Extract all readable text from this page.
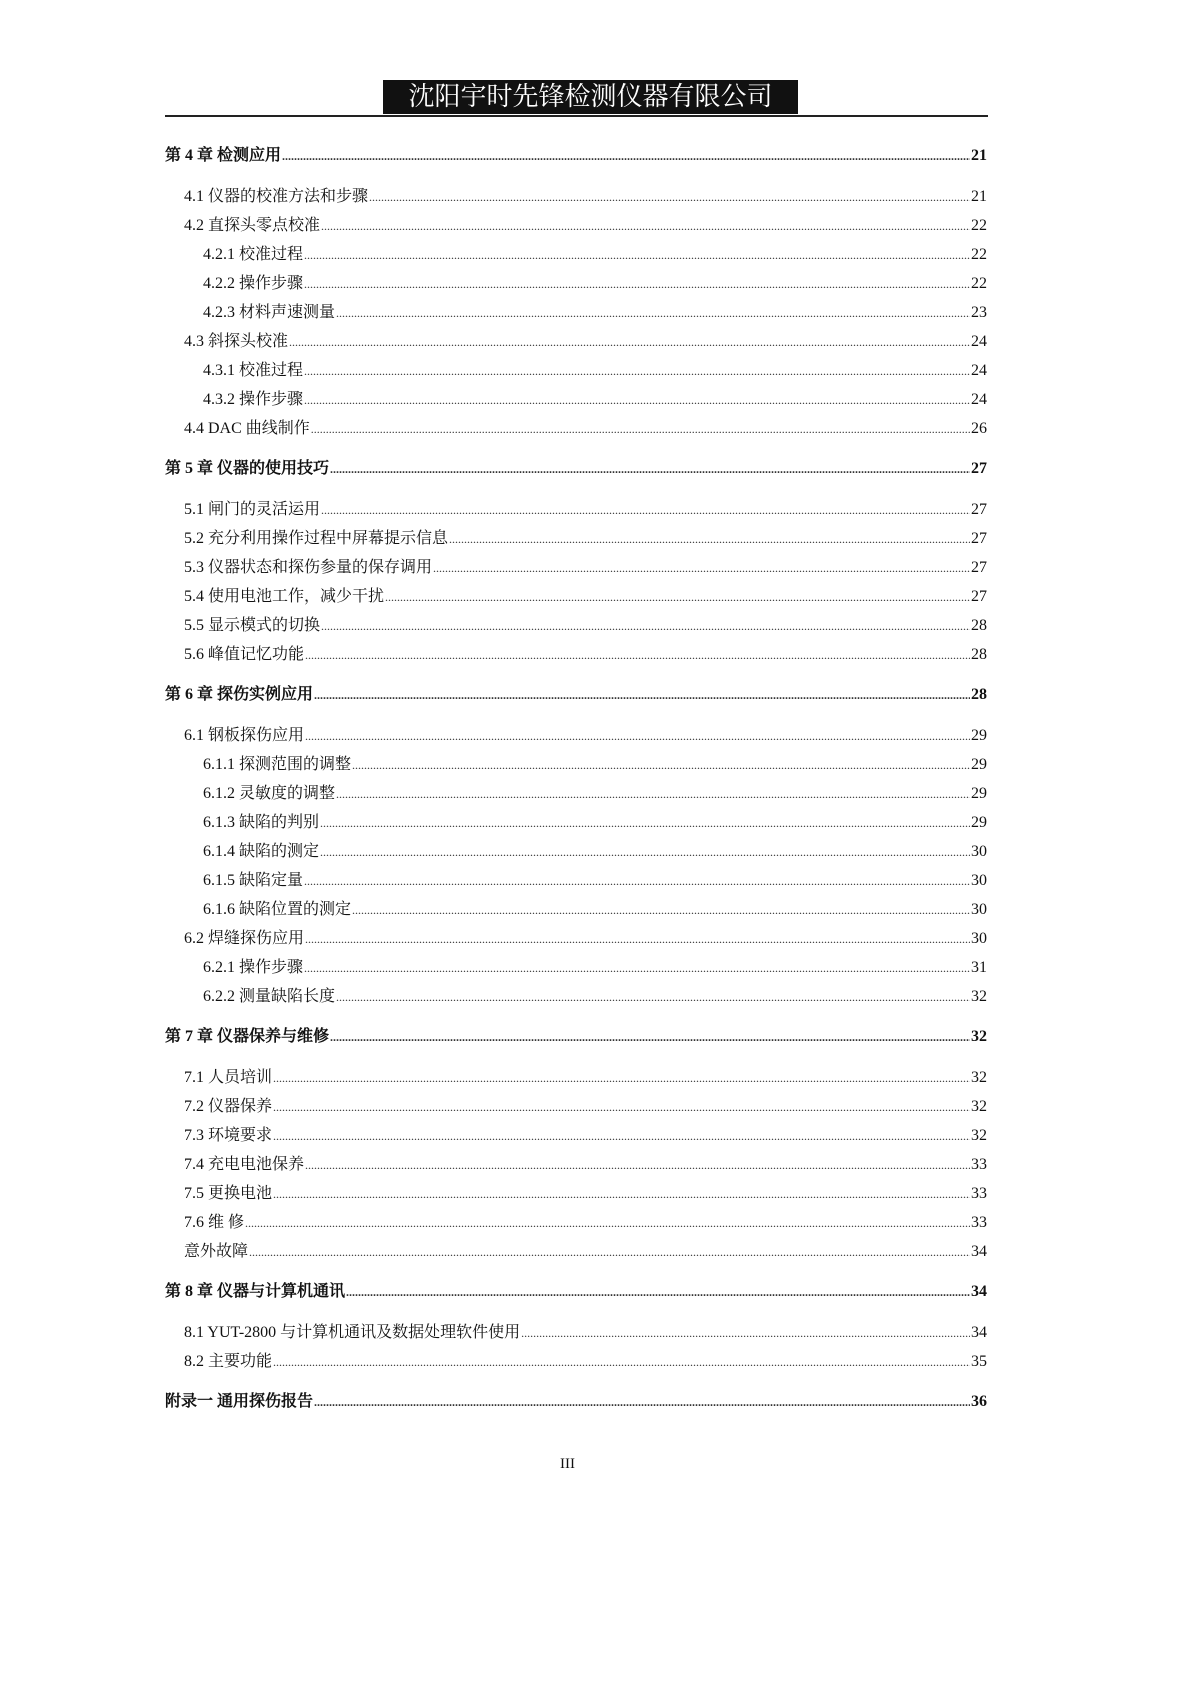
沈阳宇时先锋检测仪器有限公司
第 4 章 检测应用 .....	21
4.1 仪器的校准方法和步骤 .....	21
4.2 直探头零点校准 .....	22
4.2.1 校准过程 .....	22
4.2.2 操作步骤 .....	22
4.2.3 材料声速测量 .....	23
4.3 斜探头校准 .....	24
4.3.1 校准过程 .....	24
4.3.2 操作步骤 .....	24
4.4 DAC 曲线制作 .....	26
第 5 章 仪器的使用技巧 .....	27
5.1 闸门的灵活运用 .....	27
5.2 充分利用操作过程中屏幕提示信息 .....	27
5.3 仪器状态和探伤参量的保存调用 .....	27
5.4 使用电池工作，减少干扰 .....	27
5.5 显示模式的切换 .....	28
5.6 峰值记忆功能 .....	28
第 6 章 探伤实例应用 .....	28
6.1 钢板探伤应用 .....	29
6.1.1 探测范围的调整 .....	29
6.1.2 灵敏度的调整 .....	29
6.1.3 缺陷的判别 .....	29
6.1.4 缺陷的测定 .....	30
6.1.5 缺陷定量 .....	30
6.1.6 缺陷位置的测定 .....	30
6.2 焊缝探伤应用 .....	30
6.2.1 操作步骤 .....	31
6.2.2 测量缺陷长度 .....	32
第 7 章 仪器保养与维修 .....	32
7.1 人员培训 .....	32
7.2 仪器保养 .....	32
7.3 环境要求 .....	32
7.4 充电电池保养 .....	33
7.5 更换电池 .....	33
7.6 维 修 .....	33
意外故障 .....	34
第 8 章 仪器与计算机通讯 .....	34
8.1 YUT-2800 与计算机通讯及数据处理软件使用 .....	34
8.2 主要功能 .....	35
附录一 通用探伤报告 .....	36
III
